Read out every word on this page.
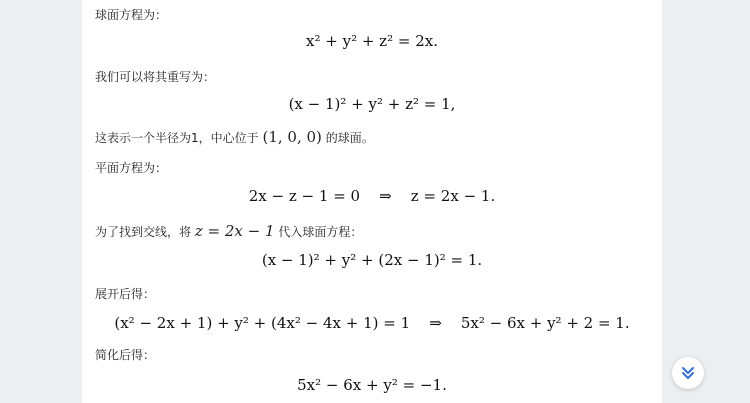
球面方程为：
x² + y² + z² = 2x.
我们可以将其重写为：
(x − 1)² + y² + z² = 1,
这表示一个半径为1，中心位于 (1, 0, 0) 的球面。
平面方程为：
2x − z − 1 = 0    ⇒    z = 2x − 1.
为了找到交线，将 z = 2x − 1 代入球面方程：
(x − 1)² + y² + (2x − 1)² = 1.
展开后得：
(x² − 2x + 1) + y² + (4x² − 4x + 1) = 1    ⇒    5x² − 6x + y² + 2 = 1.
简化后得：
5x² − 6x + y² = −1.
